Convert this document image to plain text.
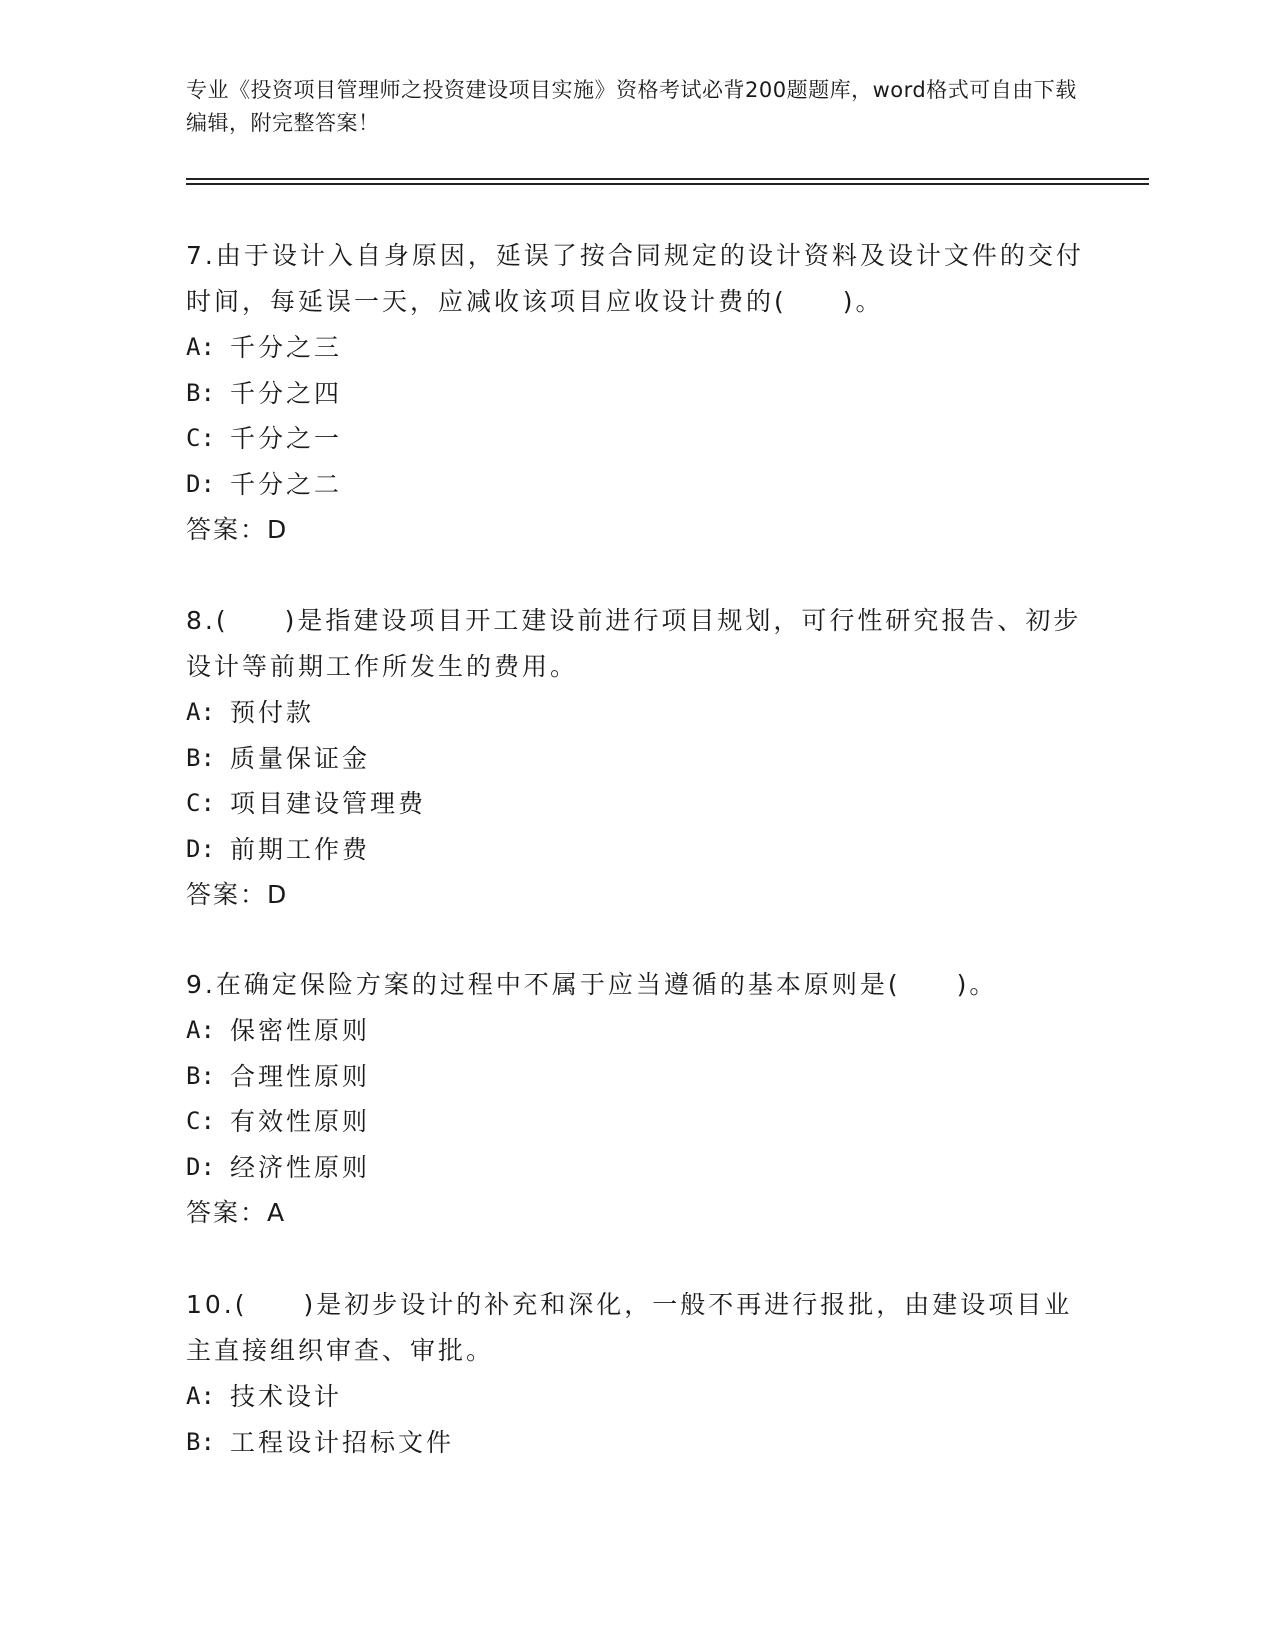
专业《投资项目管理师之投资建设项目实施》资格考试必背200题题库，word格式可自由下载编辑，附完整答案！

7.由于设计入自身原因，延误了按合同规定的设计资料及设计文件的交付时间，每延误一天，应减收该项目应收设计费的(　　)。

A: 千分之三
B: 千分之四
C: 千分之一
D: 千分之二

答案：D

8.(　　)是指建设项目开工建设前进行项目规划，可行性研究报告、初步设计等前期工作所发生的费用。

A: 预付款
B: 质量保证金
C: 项目建设管理费
D: 前期工作费

答案：D

9.在确定保险方案的过程中不属于应当遵循的基本原则是(　　)。

A: 保密性原则
B: 合理性原则
C: 有效性原则
D: 经济性原则

答案：A

10.(　　)是初步设计的补充和深化，一般不再进行报批，由建设项目业主直接组织审查、审批。

A: 技术设计
B: 工程设计招标文件
